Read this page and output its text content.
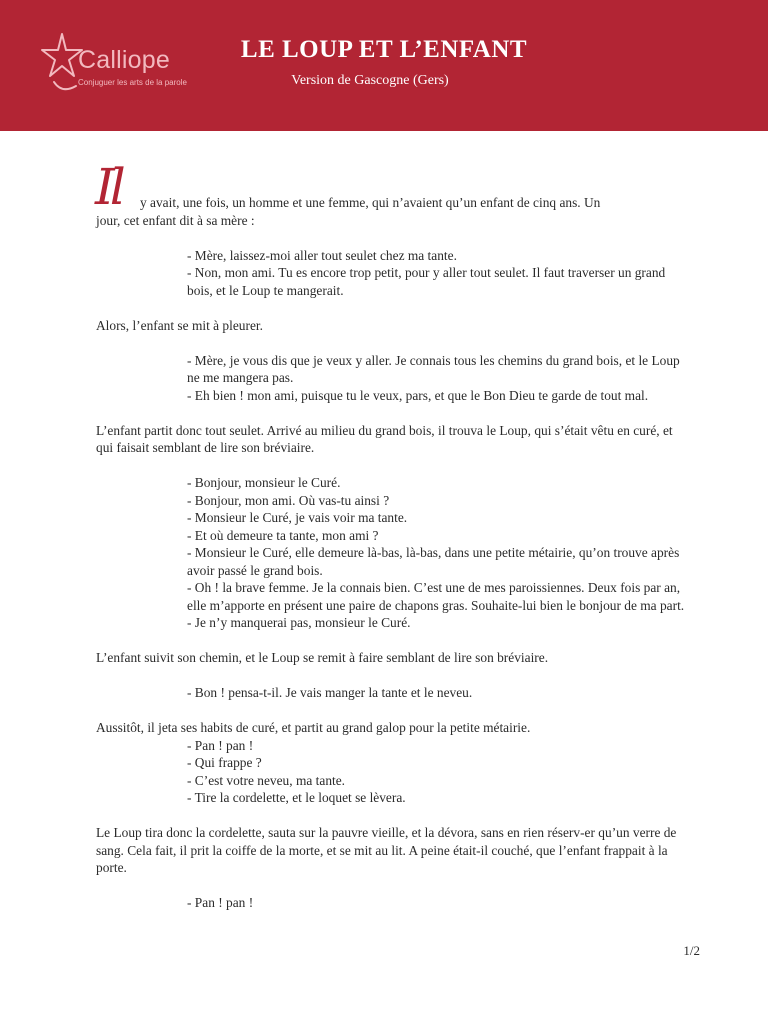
Calliope
Conjuguer les arts de la parole
LE LOUP ET L’ENFANT

Version de Gascogne (Gers)

Il	y avait, une fois, un homme et une femme, qui n’avaient qu’un enfant de cinq ans. Un

jour, cet enfant dit à sa mère :

- Mère, laissez-moi aller tout seulet chez ma tante.

- Non, mon ami. Tu es encore trop petit, pour y aller tout seulet. Il faut traverser un grand bois, et le Loup te mangerait.

Alors, l’enfant se mit à pleurer.

- Mère, je vous dis que je veux y aller. Je connais tous les chemins du grand bois, et le Loup ne me mangera pas.

- Eh bien ! mon ami, puisque tu le veux, pars, et que le Bon Dieu te garde de tout mal.

L’enfant partit donc tout seulet. Arrivé au milieu du grand bois, il trouva le Loup, qui s’était vêtu en curé, et qui faisait semblant de lire son bréviaire.

- Bonjour, monsieur le Curé.

- Bonjour, mon ami. Où vas-tu ainsi ?

- Monsieur le Curé, je vais voir ma tante.

- Et où demeure ta tante, mon ami ?

- Monsieur le Curé, elle demeure là-bas, là-bas, dans une petite métairie, qu’on trouve après avoir passé le grand bois.

- Oh ! la brave femme. Je la connais bien. C’est une de mes paroissiennes. Deux fois par an, elle m’apporte en présent une paire de chapons gras. Souhaite-lui bien le bonjour de ma part.

- Je n’y manquerai pas, monsieur le Curé.

L’enfant suivit son chemin, et le Loup se remit à faire semblant de lire son bréviaire.

- Bon ! pensa-t-il. Je vais manger la tante et le neveu.

Aussitôt, il jeta ses habits de curé, et partit au grand galop pour la petite métairie.

- Pan ! pan !

- Qui frappe ?

- C’est votre neveu, ma tante.

- Tire la cordelette, et le loquet se lèvera.

Le Loup tira donc la cordelette, sauta sur la pauvre vieille, et la dévora, sans en rien réserv-er qu’un verre de sang. Cela fait, il prit la coiffe de la morte, et se mit au lit. A peine était-il couché, que l’enfant frappait à la porte.

- Pan ! pan !

1/2
